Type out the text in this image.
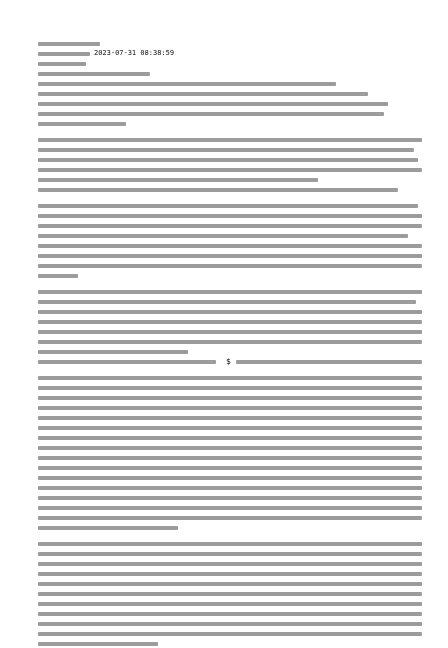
2023-07-31 08:38:59
$
